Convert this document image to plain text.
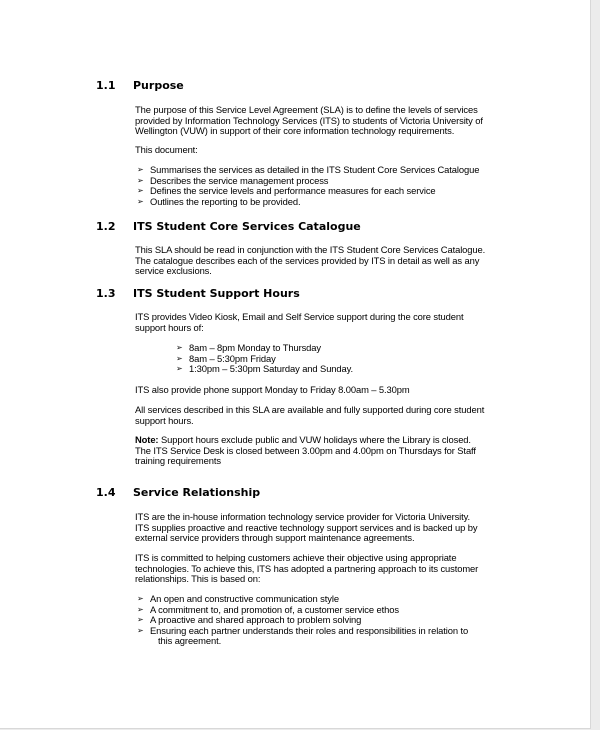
1.1 Purpose
The purpose of this Service Level Agreement (SLA) is to define the levels of services
provided by Information Technology Services (ITS) to students of Victoria University of
Wellington (VUW) in support of their core information technology requirements.
This document:
➢ Summarises the services as detailed in the ITS Student Core Services Catalogue
➢ Describes the service management process
➢ Defines the service levels and performance measures for each service
➢ Outlines the reporting to be provided.
1.2 ITS Student Core Services Catalogue
This SLA should be read in conjunction with the ITS Student Core Services Catalogue.
The catalogue describes each of the services provided by ITS in detail as well as any
service exclusions.
1.3 ITS Student Support Hours
ITS provides Video Kiosk, Email and Self Service support during the core student
support hours of:
➢ 8am – 8pm Monday to Thursday
➢ 8am – 5:30pm Friday
➢ 1:30pm – 5:30pm Saturday and Sunday.
ITS also provide phone support Monday to Friday 8.00am – 5.30pm
All services described in this SLA are available and fully supported during core student
support hours.
Note: Support hours exclude public and VUW holidays where the Library is closed.
The ITS Service Desk is closed between 3.00pm and 4.00pm on Thursdays for Staff
training requirements
1.4 Service Relationship
ITS are the in-house information technology service provider for Victoria University.
ITS supplies proactive and reactive technology support services and is backed up by
external service providers through support maintenance agreements.
ITS is committed to helping customers achieve their objective using appropriate
technologies. To achieve this, ITS has adopted a partnering approach to its customer
relationships. This is based on:
➢ An open and constructive communication style
➢ A commitment to, and promotion of, a customer service ethos
➢ A proactive and shared approach to problem solving
➢ Ensuring each partner understands their roles and responsibilities in relation to
this agreement.
